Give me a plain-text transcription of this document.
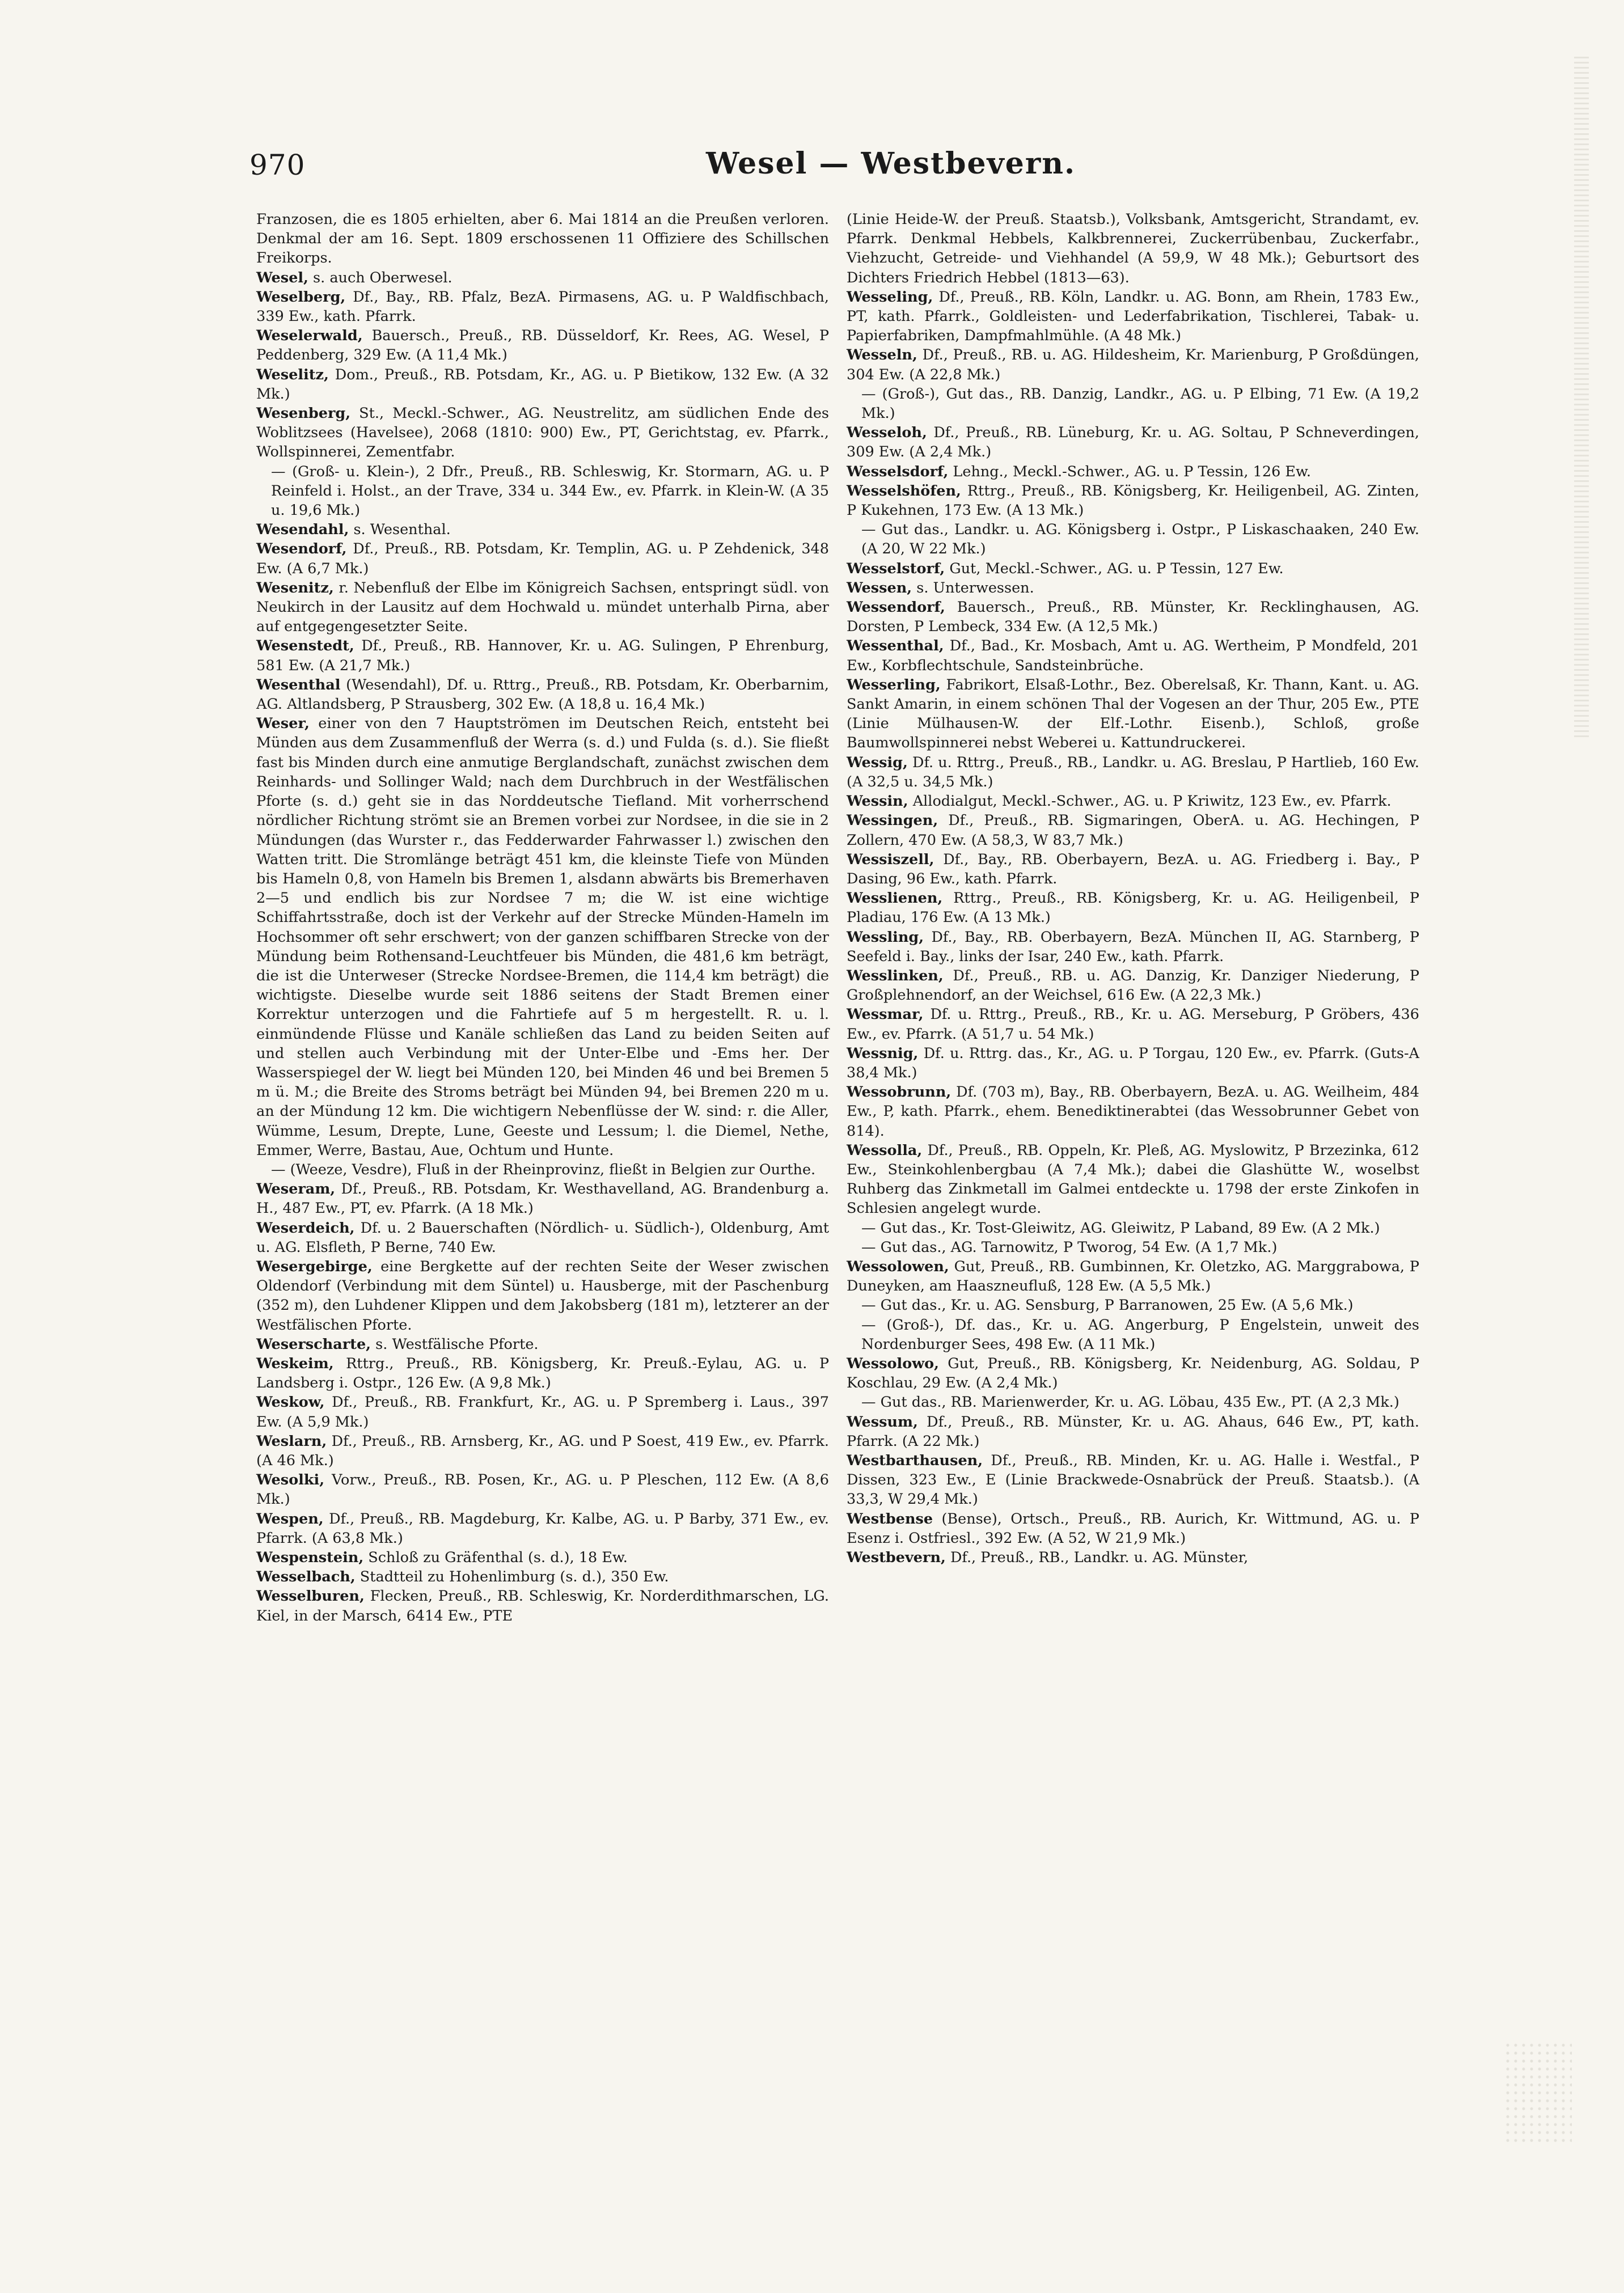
970	Wesel — Westbevern.

Franzosen, die es 1805 erhielten, aber 6. Mai 1814 an die Preußen verloren. Denkmal der am 16. Sept. 1809 erschossenen 11 Offiziere des Schillschen Freikorps.

Wesel, s. auch Oberwesel.

Weselberg, Df., Bay., RB. Pfalz, BezA. Pirmasens, AG. u. P Waldfischbach, 339 Ew., kath. Pfarrk.

Weselerwald, Bauersch., Preuß., RB. Düsseldorf, Kr. Rees, AG. Wesel, P Peddenberg, 329 Ew. (A 11,4 Mk.)

Weselitz, Dom., Preuß., RB. Potsdam, Kr., AG. u. P Bietikow, 132 Ew. (A 32 Mk.)

Wesenberg, St., Meckl.-Schwer., AG. Neustrelitz, am südlichen Ende des Woblitzsees (Havelsee), 2068 (1810: 900) Ew., PT, Gerichtstag, ev. Pfarrk., Wollspinnerei, Zementfabr.

— (Groß- u. Klein-), 2 Dfr., Preuß., RB. Schleswig, Kr. Stormarn, AG. u. P Reinfeld i. Holst., an der Trave, 334 u. 344 Ew., ev. Pfarrk. in Klein-W. (A 35 u. 19,6 Mk.)

Wesendahl, s. Wesenthal.

Wesendorf, Df., Preuß., RB. Potsdam, Kr. Templin, AG. u. P Zehdenick, 348 Ew. (A 6,7 Mk.)

Wesenitz, r. Nebenfluß der Elbe im Königreich Sachsen, entspringt südl. von Neukirch in der Lausitz auf dem Hochwald u. mündet unterhalb Pirna, aber auf entgegengesetzter Seite.

Wesenstedt, Df., Preuß., RB. Hannover, Kr. u. AG. Sulingen, P Ehrenburg, 581 Ew. (A 21,7 Mk.)

Wesenthal (Wesendahl), Df. u. Rttrg., Preuß., RB. Potsdam, Kr. Oberbarnim, AG. Altlandsberg, P Strausberg, 302 Ew. (A 18,8 u. 16,4 Mk.)

Weser, einer von den 7 Hauptströmen im Deutschen Reich, entsteht bei Münden aus dem Zusammenfluß der Werra (s. d.) und Fulda (s. d.). Sie fließt fast bis Minden durch eine anmutige Berglandschaft, zunächst zwischen dem Reinhards- und Sollinger Wald; nach dem Durchbruch in der Westfälischen Pforte (s. d.) geht sie in das Norddeutsche Tiefland. Mit vorherrschend nördlicher Richtung strömt sie an Bremen vorbei zur Nordsee, in die sie in 2 Mündungen (das Wurster r., das Fedderwarder Fahrwasser l.) zwischen den Watten tritt. Die Stromlänge beträgt 451 km, die kleinste Tiefe von Münden bis Hameln 0,8, von Hameln bis Bremen 1, alsdann abwärts bis Bremerhaven 2—5 und endlich bis zur Nordsee 7 m; die W. ist eine wichtige Schiffahrtsstraße, doch ist der Verkehr auf der Strecke Münden-Hameln im Hochsommer oft sehr erschwert; von der ganzen schiffbaren Strecke von der Mündung beim Rothensand-Leuchtfeuer bis Münden, die 481,6 km beträgt, die ist die Unterweser (Strecke Nordsee-Bremen, die 114,4 km beträgt) die wichtigste. Dieselbe wurde seit 1886 seitens der Stadt Bremen einer Korrektur unterzogen und die Fahrtiefe auf 5 m hergestellt. R. u. l. einmündende Flüsse und Kanäle schließen das Land zu beiden Seiten auf und stellen auch Verbindung mit der Unter-Elbe und -Ems her. Der Wasserspiegel der W. liegt bei Münden 120, bei Minden 46 und bei Bremen 5 m ü. M.; die Breite des Stroms beträgt bei Münden 94, bei Bremen 220 m u. an der Mündung 12 km. Die wichtigern Nebenflüsse der W. sind: r. die Aller, Wümme, Lesum, Drepte, Lune, Geeste und Lessum; l. die Diemel, Nethe, Emmer, Werre, Bastau, Aue, Ochtum und Hunte.

— (Weeze, Vesdre), Fluß in der Rheinprovinz, fließt in Belgien zur Ourthe.

Weseram, Df., Preuß., RB. Potsdam, Kr. Westhavelland, AG. Brandenburg a. H., 487 Ew., PT, ev. Pfarrk. (A 18 Mk.)

Weserdeich, Df. u. 2 Bauerschaften (Nördlich- u. Südlich-), Oldenburg, Amt u. AG. Elsfleth, P Berne, 740 Ew.

Wesergebirge, eine Bergkette auf der rechten Seite der Weser zwischen Oldendorf (Verbindung mit dem Süntel) u. Hausberge, mit der Paschenburg (352 m), den Luhdener Klippen und dem Jakobsberg (181 m), letzterer an der Westfälischen Pforte.

Weserscharte, s. Westfälische Pforte.

Weskeim, Rttrg., Preuß., RB. Königsberg, Kr. Preuß.-Eylau, AG. u. P Landsberg i. Ostpr., 126 Ew. (A 9,8 Mk.)

Weskow, Df., Preuß., RB. Frankfurt, Kr., AG. u. P Spremberg i. Laus., 397 Ew. (A 5,9 Mk.)

Weslarn, Df., Preuß., RB. Arnsberg, Kr., AG. und P Soest, 419 Ew., ev. Pfarrk. (A 46 Mk.)

Wesolki, Vorw., Preuß., RB. Posen, Kr., AG. u. P Pleschen, 112 Ew. (A 8,6 Mk.)

Wespen, Df., Preuß., RB. Magdeburg, Kr. Kalbe, AG. u. P Barby, 371 Ew., ev. Pfarrk. (A 63,8 Mk.)

Wespenstein, Schloß zu Gräfenthal (s. d.), 18 Ew.

Wesselbach, Stadtteil zu Hohenlimburg (s. d.), 350 Ew.

Wesselburen, Flecken, Preuß., RB. Schleswig, Kr. Norderdithmarschen, LG. Kiel, in der Marsch, 6414 Ew., PTE

(Linie Heide-W. der Preuß. Staatsb.), Volksbank, Amtsgericht, Strandamt, ev. Pfarrk. Denkmal Hebbels, Kalkbrennerei, Zuckerrübenbau, Zuckerfabr., Viehzucht, Getreide- und Viehhandel (A 59,9, W 48 Mk.); Geburtsort des Dichters Friedrich Hebbel (1813—63).

Wesseling, Df., Preuß., RB. Köln, Landkr. u. AG. Bonn, am Rhein, 1783 Ew., PT, kath. Pfarrk., Goldleisten- und Lederfabrikation, Tischlerei, Tabak- u. Papierfabriken, Dampfmahlmühle. (A 48 Mk.)

Wesseln, Df., Preuß., RB. u. AG. Hildesheim, Kr. Marienburg, P Großdüngen, 304 Ew. (A 22,8 Mk.)

— (Groß-), Gut das., RB. Danzig, Landkr., AG. u. P Elbing, 71 Ew. (A 19,2 Mk.)

Wesseloh, Df., Preuß., RB. Lüneburg, Kr. u. AG. Soltau, P Schneverdingen, 309 Ew. (A 2,4 Mk.)

Wesselsdorf, Lehng., Meckl.-Schwer., AG. u. P Tessin, 126 Ew.

Wesselshöfen, Rttrg., Preuß., RB. Königsberg, Kr. Heiligenbeil, AG. Zinten, P Kukehnen, 173 Ew. (A 13 Mk.)

— Gut das., Landkr. u. AG. Königsberg i. Ostpr., P Liskaschaaken, 240 Ew. (A 20, W 22 Mk.)

Wesselstorf, Gut, Meckl.-Schwer., AG. u. P Tessin, 127 Ew.

Wessen, s. Unterwessen.

Wessendorf, Bauersch., Preuß., RB. Münster, Kr. Recklinghausen, AG. Dorsten, P Lembeck, 334 Ew. (A 12,5 Mk.)

Wessenthal, Df., Bad., Kr. Mosbach, Amt u. AG. Wertheim, P Mondfeld, 201 Ew., Korbflechtschule, Sandsteinbrüche.

Wesserling, Fabrikort, Elsaß-Lothr., Bez. Oberelsaß, Kr. Thann, Kant. u. AG. Sankt Amarin, in einem schönen Thal der Vogesen an der Thur, 205 Ew., PTE (Linie Mülhausen-W. der Elf.-Lothr. Eisenb.), Schloß, große Baumwollspinnerei nebst Weberei u. Kattundruckerei.

Wessig, Df. u. Rttrg., Preuß., RB., Landkr. u. AG. Breslau, P Hartlieb, 160 Ew. (A 32,5 u. 34,5 Mk.)

Wessin, Allodialgut, Meckl.-Schwer., AG. u. P Kriwitz, 123 Ew., ev. Pfarrk.

Wessingen, Df., Preuß., RB. Sigmaringen, OberA. u. AG. Hechingen, P Zollern, 470 Ew. (A 58,3, W 83,7 Mk.)

Wessiszell, Df., Bay., RB. Oberbayern, BezA. u. AG. Friedberg i. Bay., P Dasing, 96 Ew., kath. Pfarrk.

Wesslienen, Rttrg., Preuß., RB. Königsberg, Kr. u. AG. Heiligenbeil, P Pladiau, 176 Ew. (A 13 Mk.)

Wessling, Df., Bay., RB. Oberbayern, BezA. München II, AG. Starnberg, P Seefeld i. Bay., links der Isar, 240 Ew., kath. Pfarrk.

Wesslinken, Df., Preuß., RB. u. AG. Danzig, Kr. Danziger Niederung, P Großplehnendorf, an der Weichsel, 616 Ew. (A 22,3 Mk.)

Wessmar, Df. u. Rttrg., Preuß., RB., Kr. u. AG. Merseburg, P Gröbers, 436 Ew., ev. Pfarrk. (A 51,7 u. 54 Mk.)

Wessnig, Df. u. Rttrg. das., Kr., AG. u. P Torgau, 120 Ew., ev. Pfarrk. (Guts-A 38,4 Mk.)

Wessobrunn, Df. (703 m), Bay., RB. Oberbayern, BezA. u. AG. Weilheim, 484 Ew., P, kath. Pfarrk., ehem. Benediktinerabtei (das Wessobrunner Gebet von 814).

Wessolla, Df., Preuß., RB. Oppeln, Kr. Pleß, AG. Myslowitz, P Brzezinka, 612 Ew., Steinkohlenbergbau (A 7,4 Mk.); dabei die Glashütte W., woselbst Ruhberg das Zinkmetall im Galmei entdeckte u. 1798 der erste Zinkofen in Schlesien angelegt wurde.

— Gut das., Kr. Tost-Gleiwitz, AG. Gleiwitz, P Laband, 89 Ew. (A 2 Mk.)

— Gut das., AG. Tarnowitz, P Tworog, 54 Ew. (A 1,7 Mk.)

Wessolowen, Gut, Preuß., RB. Gumbinnen, Kr. Oletzko, AG. Marggrabowa, P Duneyken, am Haaszneufluß, 128 Ew. (A 5,5 Mk.)

— Gut das., Kr. u. AG. Sensburg, P Barranowen, 25 Ew. (A 5,6 Mk.)

— (Groß-), Df. das., Kr. u. AG. Angerburg, P Engelstein, unweit des Nordenburger Sees, 498 Ew. (A 11 Mk.)

Wessolowo, Gut, Preuß., RB. Königsberg, Kr. Neidenburg, AG. Soldau, P Koschlau, 29 Ew. (A 2,4 Mk.)

— Gut das., RB. Marienwerder, Kr. u. AG. Löbau, 435 Ew., PT. (A 2,3 Mk.)

Wessum, Df., Preuß., RB. Münster, Kr. u. AG. Ahaus, 646 Ew., PT, kath. Pfarrk. (A 22 Mk.)

Westbarthausen, Df., Preuß., RB. Minden, Kr. u. AG. Halle i. Westfal., P Dissen, 323 Ew., E (Linie Brackwede-Osnabrück der Preuß. Staatsb.). (A 33,3, W 29,4 Mk.)

Westbense (Bense), Ortsch., Preuß., RB. Aurich, Kr. Wittmund, AG. u. P Esenz i. Ostfriesl., 392 Ew. (A 52, W 21,9 Mk.)

Westbevern, Df., Preuß., RB., Landkr. u. AG. Münster,
